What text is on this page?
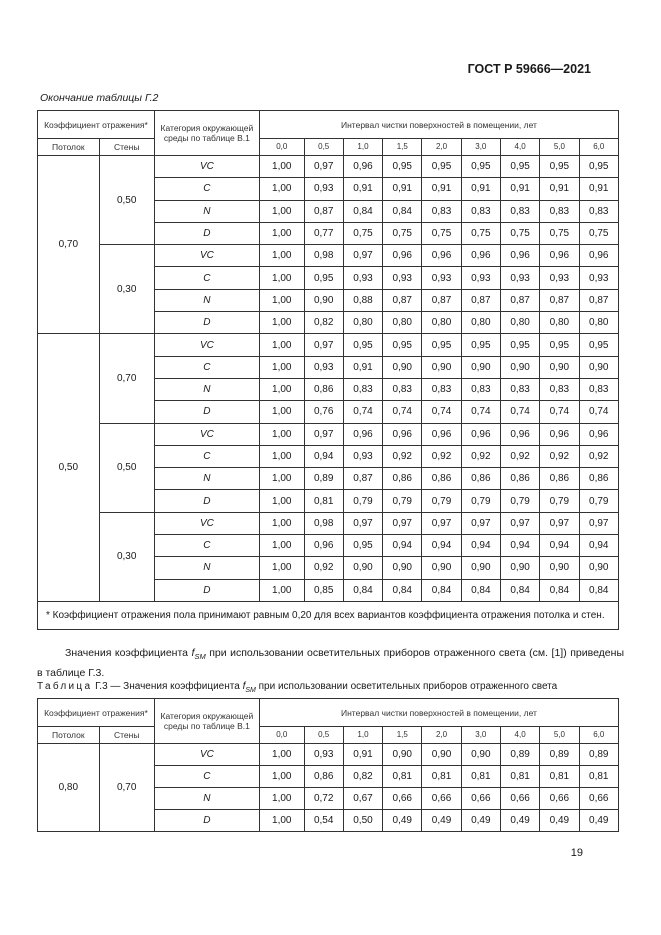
ГОСТ Р 59666—2021
Окончание таблицы Г.2
Коэффициент отражения*		Категория окружающей среды по таблице В.1	Интервал чистки поверхностей в помещении, лет								
Потолок	Стены		0,0	0,5	1,0	1,5	2,0	3,0	4,0	5,0	6,0
0,70	0,50	VC	1,00	0,97	0,96	0,95	0,95	0,95	0,95	0,95	0,95
		C	1,00	0,93	0,91	0,91	0,91	0,91	0,91	0,91	0,91
		N	1,00	0,87	0,84	0,84	0,83	0,83	0,83	0,83	0,83
		D	1,00	0,77	0,75	0,75	0,75	0,75	0,75	0,75	0,75
	0,30	VC	1,00	0,98	0,97	0,96	0,96	0,96	0,96	0,96	0,96
		C	1,00	0,95	0,93	0,93	0,93	0,93	0,93	0,93	0,93
		N	1,00	0,90	0,88	0,87	0,87	0,87	0,87	0,87	0,87
		D	1,00	0,82	0,80	0,80	0,80	0,80	0,80	0,80	0,80
0,50	0,70	VC	1,00	0,97	0,95	0,95	0,95	0,95	0,95	0,95	0,95
		C	1,00	0,93	0,91	0,90	0,90	0,90	0,90	0,90	0,90
		N	1,00	0,86	0,83	0,83	0,83	0,83	0,83	0,83	0,83
		D	1,00	0,76	0,74	0,74	0,74	0,74	0,74	0,74	0,74
	0,50	VC	1,00	0,97	0,96	0,96	0,96	0,96	0,96	0,96	0,96
		C	1,00	0,94	0,93	0,92	0,92	0,92	0,92	0,92	0,92
		N	1,00	0,89	0,87	0,86	0,86	0,86	0,86	0,86	0,86
		D	1,00	0,81	0,79	0,79	0,79	0,79	0,79	0,79	0,79
	0,30	VC	1,00	0,98	0,97	0,97	0,97	0,97	0,97	0,97	0,97
		C	1,00	0,96	0,95	0,94	0,94	0,94	0,94	0,94	0,94
		N	1,00	0,92	0,90	0,90	0,90	0,90	0,90	0,90	0,90
		D	1,00	0,85	0,84	0,84	0,84	0,84	0,84	0,84	0,84
* Коэффициент отражения пола принимают равным 0,20 для всех вариантов коэффициента отражения потолка и стен.											
Значения коэффициента $f_{SM}$ при использовании осветительных приборов отраженного света (см. [1]) приведены в таблице Г.3.
Таблица Г.3 — Значения коэффициента $f_{SM}$ при использовании осветительных приборов отраженного света
Коэффициент отражения*		Категория окружающей среды по таблице В.1	Интервал чистки поверхностей в помещении, лет								
Потолок	Стены		0,0	0,5	1,0	1,5	2,0	3,0	4,0	5,0	6,0
0,80	0,70	VC	1,00	0,93	0,91	0,90	0,90	0,90	0,89	0,89	0,89
		C	1,00	0,86	0,82	0,81	0,81	0,81	0,81	0,81	0,81
		N	1,00	0,72	0,67	0,66	0,66	0,66	0,66	0,66	0,66
		D	1,00	0,54	0,50	0,49	0,49	0,49	0,49	0,49	0,49
19
